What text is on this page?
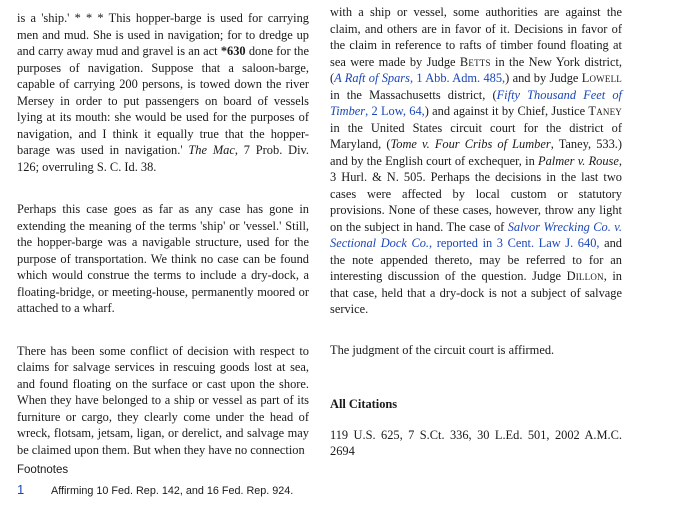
is a 'ship.' * * * This hopper-barge is used for carrying men and mud. She is used in navigation; for to dredge up and carry away mud and gravel is an act *630 done for the purposes of navigation. Suppose that a saloon-barge, capable of carrying 200 persons, is towed down the river Mersey in order to put passengers on board of vessels lying at its mouth: she would be used for the purposes of navigation, and I think it equally true that the hopper-barage was used in navigation.' The Mac, 7 Prob. Div. 126; overruling S. C. Id. 38.

Perhaps this case goes as far as any case has gone in extending the meaning of the terms 'ship' or 'vessel.' Still, the hopper-barge was a navigable structure, used for the purpose of transportation. We think no case can be found which would construe the terms to include a dry-dock, a floating-bridge, or meeting-house, permanently moored or attached to a wharf.

There has been some conflict of decision with respect to claims for salvage services in rescuing goods lost at sea, and found floating on the surface or cast upon the shore. When they have belonged to a ship or vessel as part of its furniture or cargo, they clearly come under the head of wreck, flotsam, jetsam, ligan, or derelict, and salvage may be claimed upon them. But when they have no connection

with a ship or vessel, some authorities are against the claim, and others are in favor of it. Decisions in favor of the claim in reference to rafts of timber found floating at sea were made by Judge Betts in the New York district, (A Raft of Spars, 1 Abb. Adm. 485,) and by Judge Lowell in the Massachusetts district, (Fifty Thousand Feet of Timber, 2 Low, 64,) and against it by Chief, Justice Taney in the United States circuit court for the district of Maryland, (Tome v. Four Cribs of Lumber, Taney, 533.) and by the English court of exchequer, in Palmer v. Rouse, 3 Hurl. & N. 505. Perhaps the decisions in the last two cases were affected by local custom or statutory provisions. None of these cases, however, throw any light on the subject in hand. The case of Salvor Wrecking Co. v. Sectional Dock Co., reported in 3 Cent. Law J. 640, and the note appended thereto, may be referred to for an interesting discussion of the question. Judge Dillon, in that case, held that a dry-dock is not a subject of salvage service.

The judgment of the circuit court is affirmed.

All Citations

119 U.S. 625, 7 S.Ct. 336, 30 L.Ed. 501, 2002 A.M.C. 2694

Footnotes
1	Affirming 10 Fed. Rep. 142, and 16 Fed. Rep. 924.
